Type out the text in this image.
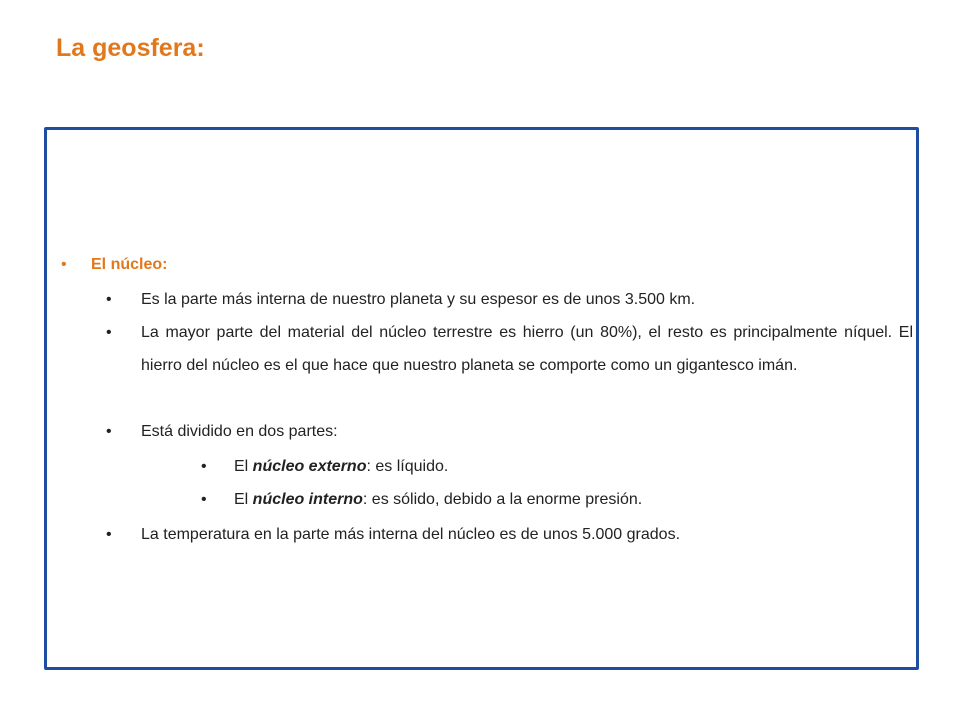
La geosfera:
• El núcleo:
• Es la parte más interna de nuestro planeta y su espesor es de unos 3.500 km.
• La mayor parte del material del núcleo terrestre es hierro (un 80%), el resto es principalmente níquel. El hierro del núcleo es el que hace que nuestro planeta se comporte como un gigantesco imán.
• Está dividido en dos partes:
• El núcleo externo: es líquido.
• El núcleo interno: es sólido, debido a la enorme presión.
• La temperatura en la parte más interna del núcleo es de unos 5.000 grados.
